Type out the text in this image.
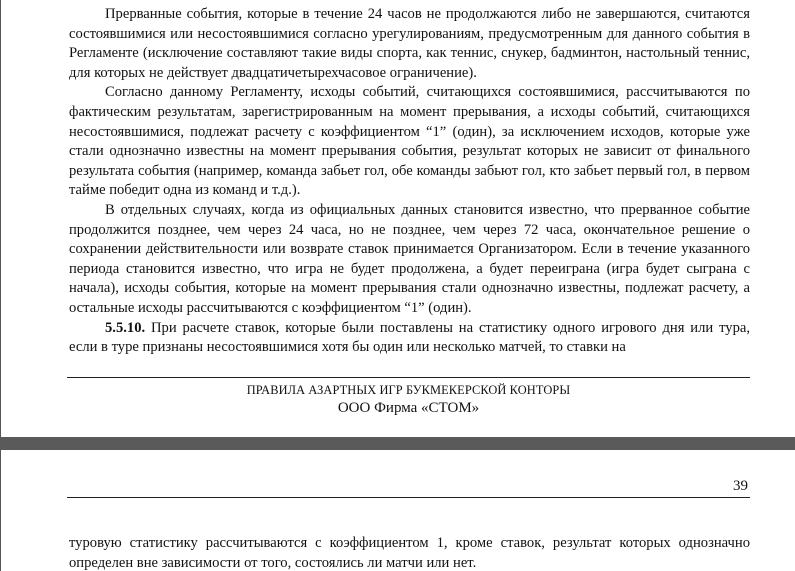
Прерванные события, которые в течение 24 часов не продолжаются либо не завершаются, считаются состоявшимися или несостоявшимися согласно урегулированиям, предусмотренным для данного события в Регламенте (исключение составляют такие виды спорта, как теннис, снукер, бадминтон, настольный теннис, для которых не действует двадцатичетырехчасовое ограничение).

Согласно данному Регламенту, исходы событий, считающихся состоявшимися, рассчитываются по фактическим результатам, зарегистрированным на момент прерывания, а исходы событий, считающихся несостоявшимися, подлежат расчету с коэффициентом “1” (один), за исключением исходов, которые уже стали однозначно известны на момент прерывания события, результат которых не зависит от финального результата события (например, команда забьет гол, обе команды забьют гол, кто забьет первый гол, в первом тайме победит одна из команд и т.д.).

В отдельных случаях, когда из официальных данных становится известно, что прерванное событие продолжится позднее, чем через 24 часа, но не позднее, чем через 72 часа, окончательное решение о сохранении действительности или возврате ставок принимается Организатором. Если в течение указанного периода становится известно, что игра не будет продолжена, а будет переиграна (игра будет сыграна с начала), исходы события, которые на момент прерывания стали однозначно известны, подлежат расчету, а остальные исходы рассчитываются с коэффициентом “1” (один).

5.5.10. При расчете ставок, которые были поставлены на статистику одного игрового дня или тура, если в туре признаны несостоявшимися хотя бы один или несколько матчей, то ставки на

ПРАВИЛА АЗАРТНЫХ ИГР БУКМЕКЕРСКОЙ КОНТОРЫ
ООО Фирма «СТОМ»
39

туровую статистику рассчитываются с коэффициентом 1, кроме ставок, результат которых однозначно определен вне зависимости от того, состоялись ли матчи или нет.
